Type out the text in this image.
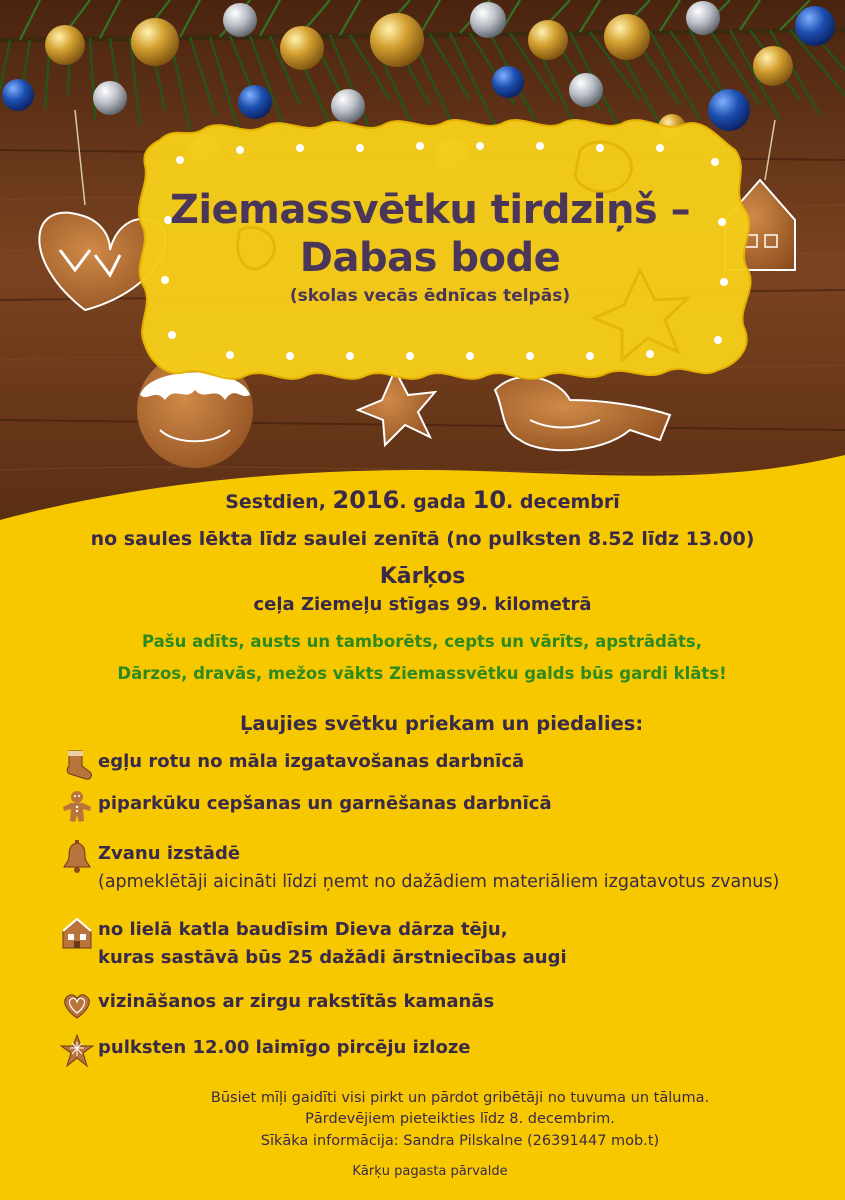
Ziemassvētku tirdziņš –
Dabas bode
(skolas vecās ēdnīcas telpās)
Sestdien, 2016. gada 10. decembrī
no saules lēkta līdz saulei zenītā (no pulksten 8.52 līdz 13.00)
Kārķos
ceļa Ziemeļu stīgas 99. kilometrā
Pašu adīts, austs un tamborēts, cepts un vārīts, apstrādāts,
Dārzos, dravās, mežos vākts Ziemassvētku galds būs gardi klāts!
Ļaujies svētku priekam un piedalies:
egļu rotu no māla izgatavošanas darbnīcā
piparkūku cepšanas un garnēšanas darbnīcā
Zvanu izstādē
(apmeklētāji aicināti līdzi ņemt no dažādiem materiāliem izgatavotus zvanus)
no lielā katla baudīsim Dieva dārza tēju,
kuras sastāvā būs 25 dažādi ārstniecības augi
vizināšanos ar zirgu rakstītās kamanās
pulksten 12.00 laimīgo pircēju izloze
Būsiet mīļi gaidīti visi pirkt un pārdot gribētāji no tuvuma un tāluma.
Pārdevējiem pieteikties līdz 8. decembrim.
Sīkāka informācija: Sandra Pilskalne (26391447 mob.t)
Kārķu pagasta pārvalde
